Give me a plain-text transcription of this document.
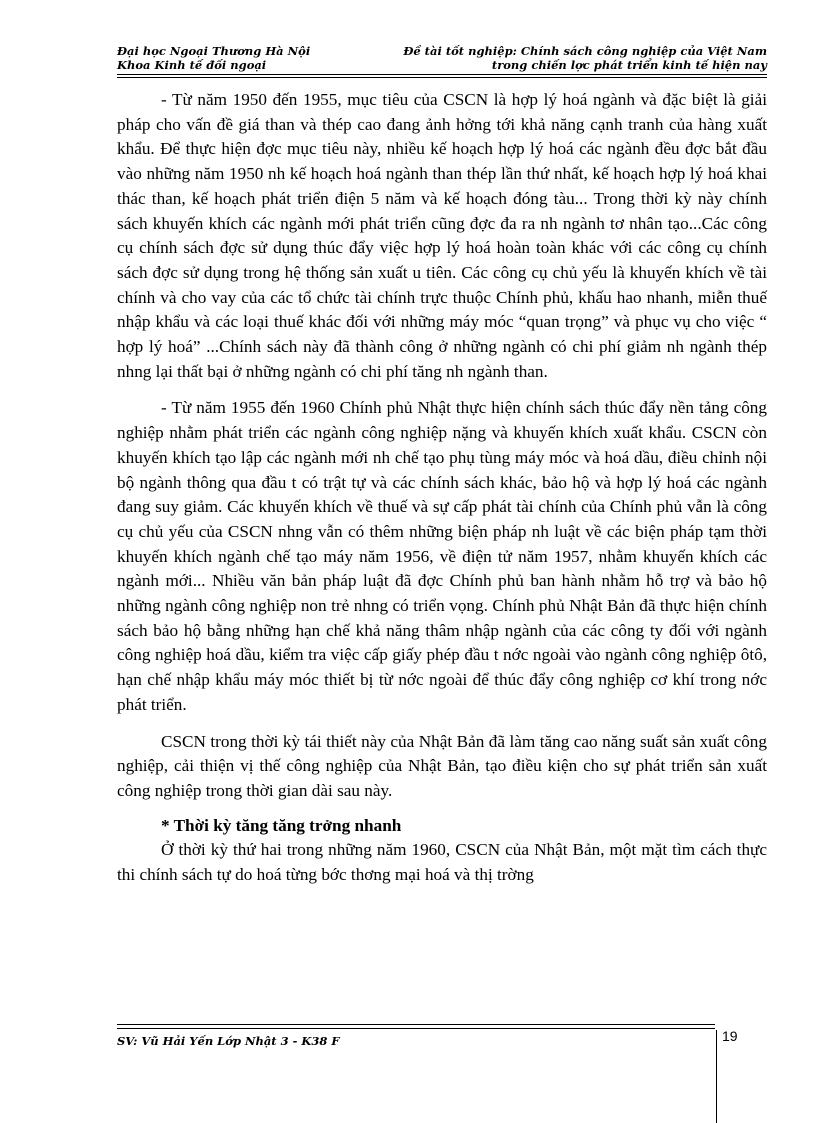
Đại học Ngoại Thương Hà Nội
Khoa Kinh tế đối ngoại
Đề tài tốt nghiệp: Chính sách công nghiệp của Việt Nam
trong chiến lợc phát triển kinh tế hiện nay

- Từ năm 1950 đến 1955, mục tiêu của CSCN là hợp lý hoá ngành và đặc biệt là giải pháp cho vấn đề giá than và thép cao đang ảnh hởng tới khả năng cạnh tranh của hàng xuất khẩu. Để thực hiện đợc mục tiêu này, nhiều kế hoạch hợp lý hoá các ngành đều đợc bắt đầu vào những năm 1950 nh kế hoạch hoá ngành than thép lần thứ nhất, kế hoạch hợp lý hoá khai thác than, kế hoạch phát triển điện 5 năm và kế hoạch đóng tàu... Trong thời kỳ này chính sách khuyến khích các ngành mới phát triển cũng đợc đa ra nh ngành tơ nhân tạo...Các công cụ chính sách đợc sử dụng thúc đẩy việc hợp lý hoá hoàn toàn khác với các công cụ chính sách đợc sử dụng trong hệ thống sản xuất u tiên. Các công cụ chủ yếu là khuyến khích về tài chính và cho vay của các tổ chức tài chính trực thuộc Chính phủ, khấu hao nhanh, miễn thuế nhập khẩu và các loại thuế khác đối với những máy móc “quan trọng” và phục vụ cho việc “ hợp lý hoá” ...Chính sách này đã thành công ở những ngành có chi phí giảm nh ngành thép nhng lại thất bại ở những ngành có chi phí tăng nh ngành than.

- Từ năm 1955 đến 1960 Chính phủ Nhật thực hiện chính sách thúc đẩy nền tảng công nghiệp nhằm phát triển các ngành công nghiệp nặng và khuyến khích xuất khẩu. CSCN còn khuyến khích tạo lập các ngành mới nh chế tạo phụ tùng máy móc và hoá dầu, điều chỉnh nội bộ ngành thông qua đầu t có trật tự và các chính sách khác, bảo hộ và hợp lý hoá các ngành đang suy giảm. Các khuyến khích về thuế và sự cấp phát tài chính của Chính phủ vẫn là công cụ chủ yếu của CSCN nhng vẫn có thêm những biện pháp nh luật về các biện pháp tạm thời khuyến khích ngành chế tạo máy năm 1956, về điện tử năm 1957, nhằm khuyến khích các ngành mới... Nhiều văn bản pháp luật đã đợc Chính phủ ban hành nhằm hỗ trợ và bảo hộ những ngành công nghiệp non trẻ nhng có triển vọng. Chính phủ Nhật Bản đã thực hiện chính sách bảo hộ bằng những hạn chế khả năng thâm nhập ngành của các công ty đối với ngành công nghiệp hoá dầu, kiểm tra việc cấp giấy phép đầu t nớc ngoài vào ngành công nghiệp ôtô, hạn chế nhập khẩu máy móc thiết bị từ nớc ngoài để thúc đẩy công nghiệp cơ khí trong nớc phát triển.

CSCN trong thời kỳ tái thiết này của Nhật Bản đã làm tăng cao năng suất sản xuất công nghiệp, cải thiện vị thế công nghiệp của Nhật Bản, tạo điều kiện cho sự phát triển sản xuất công nghiệp trong thời gian dài sau này.

* Thời kỳ tăng tăng trởng nhanh

Ở thời kỳ thứ hai trong những năm 1960, CSCN của Nhật Bản, một mặt tìm cách thực thi chính sách tự do hoá từng bớc thơng mại hoá và thị trờng

SV: Vũ Hải Yến Lớp Nhật 3 - K38 F	19
